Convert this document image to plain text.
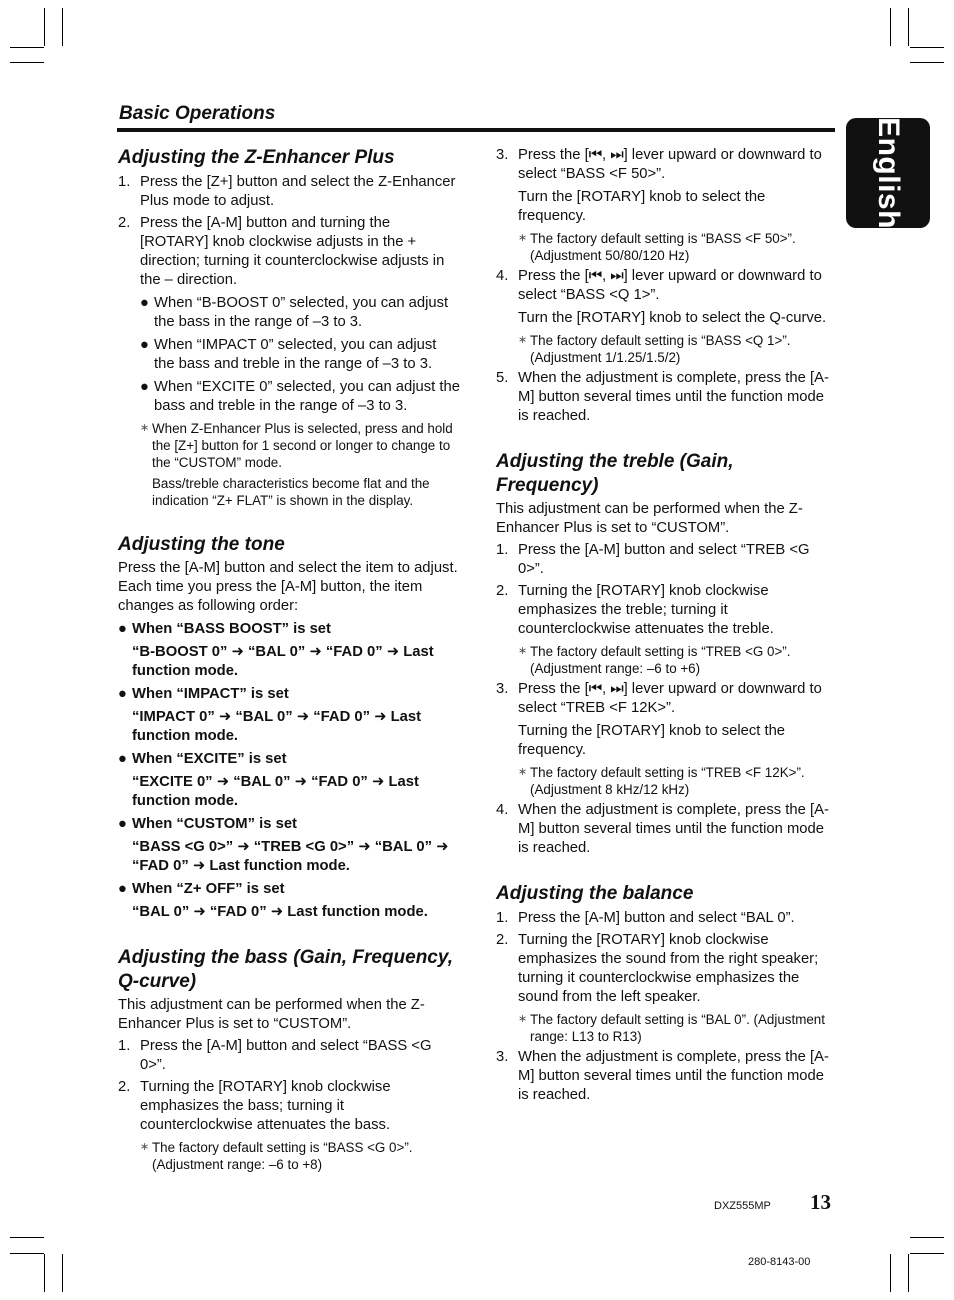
Basic Operations
English
Adjusting the Z-Enhancer Plus
1. Press the [Z+] button and select the Z-Enhancer Plus mode to adjust.
2. Press the [A-M] button and turning the [ROTARY] knob clockwise adjusts in the + direction; turning it counterclockwise adjusts in the – direction.
● When “B-BOOST 0” selected, you can adjust the bass in the range of –3 to 3.
● When “IMPACT 0” selected, you can adjust the bass and treble in the range of –3 to 3.
● When “EXCITE 0” selected, you can adjust the bass and treble in the range of –3 to 3.
∗ When Z-Enhancer Plus is selected, press and hold the [Z+] button for 1 second or longer to change to the “CUSTOM” mode.
Bass/treble characteristics become flat and the indication “Z+ FLAT” is shown in the display.
Adjusting the tone
Press the [A-M] button and select the item to adjust. Each time you press the [A-M] button, the item changes as following order:
● When “BASS BOOST” is set
“B-BOOST 0” ➜ “BAL 0” ➜ “FAD 0” ➜ Last function mode.
● When “IMPACT” is set
“IMPACT 0” ➜ “BAL 0” ➜ “FAD 0” ➜ Last function mode.
● When “EXCITE” is set
“EXCITE 0” ➜ “BAL 0” ➜ “FAD 0” ➜ Last function mode.
● When “CUSTOM” is set
“BASS <G 0>” ➜ “TREB <G 0>” ➜ “BAL 0” ➜ “FAD 0” ➜ Last function mode.
● When “Z+ OFF” is set
“BAL 0” ➜ “FAD 0” ➜ Last function mode.
Adjusting the bass (Gain, Frequency, Q-curve)
This adjustment can be performed when the Z-Enhancer Plus is set to “CUSTOM”.
1. Press the [A-M] button and select “BASS <G 0>”.
2. Turning the [ROTARY] knob clockwise emphasizes the bass; turning it counterclockwise attenuates the bass.
∗ The factory default setting is “BASS <G 0>”. (Adjustment range: –6 to +8)
3. Press the [⏮, ⏭] lever upward or downward to select “BASS <F 50>”.
Turn the [ROTARY] knob to select the frequency.
∗ The factory default setting is “BASS <F 50>”. (Adjustment 50/80/120 Hz)
4. Press the [⏮, ⏭] lever upward or downward to select “BASS <Q 1>”.
Turn the [ROTARY] knob to select the Q-curve.
∗ The factory default setting is “BASS <Q 1>”. (Adjustment 1/1.25/1.5/2)
5. When the adjustment is complete, press the [A-M] button several times until the function mode is reached.
Adjusting the treble (Gain, Frequency)
This adjustment can be performed when the Z-Enhancer Plus is set to “CUSTOM”.
1. Press the [A-M] button and select “TREB <G 0>”.
2. Turning the [ROTARY] knob clockwise emphasizes the treble; turning it counterclockwise attenuates the treble.
∗ The factory default setting is “TREB <G 0>”. (Adjustment range: –6 to +6)
3. Press the [⏮, ⏭] lever upward or downward to select “TREB <F 12K>”.
Turning the [ROTARY] knob to select the frequency.
∗ The factory default setting is “TREB <F 12K>”. (Adjustment 8 kHz/12 kHz)
4. When the adjustment is complete, press the [A-M] button several times until the function mode is reached.
Adjusting the balance
1. Press the [A-M] button and select “BAL 0”.
2. Turning the [ROTARY] knob clockwise emphasizes the sound from the right speaker; turning it counterclockwise emphasizes the sound from the left speaker.
∗ The factory default setting is “BAL 0”. (Adjustment range: L13 to R13)
3. When the adjustment is complete, press the [A-M] button several times until the function mode is reached.
DXZ555MP 13
280-8143-00
